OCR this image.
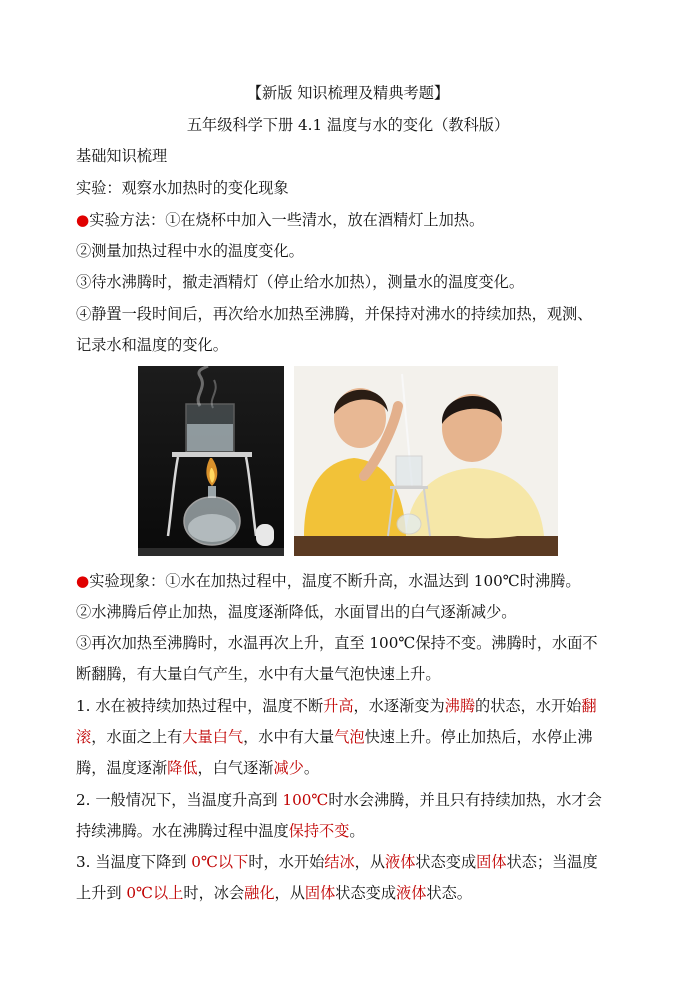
【新版 知识梳理及精典考题】
五年级科学下册 4.1 温度与水的变化（教科版）
基础知识梳理
实验：观察水加热时的变化现象
●实验方法：①在烧杯中加入一些清水，放在酒精灯上加热。
②测量加热过程中水的温度变化。
③待水沸腾时，撤走酒精灯（停止给水加热），测量水的温度变化。
④静置一段时间后，再次给水加热至沸腾，并保持对沸水的持续加热，观测、
记录水和温度的变化。
●实验现象：①水在加热过程中，温度不断升高，水温达到 100℃时沸腾。
②水沸腾后停止加热，温度逐渐降低，水面冒出的白气逐渐减少。
③再次加热至沸腾时，水温再次上升，直至 100℃保持不变。沸腾时，水面不
断翻腾，有大量白气产生，水中有大量气泡快速上升。
1. 水在被持续加热过程中，温度不断升高，水逐渐变为沸腾的状态，水开始翻
滚，水面之上有大量白气，水中有大量气泡快速上升。停止加热后，水停止沸
腾，温度逐渐降低，白气逐渐减少。
2. 一般情况下，当温度升高到 100℃时水会沸腾，并且只有持续加热，水才会
持续沸腾。水在沸腾过程中温度保持不变。
3. 当温度下降到 0℃以下时，水开始结冰，从液体状态变成固体状态；当温度
上升到 0℃以上时，冰会融化，从固体状态变成液体状态。
